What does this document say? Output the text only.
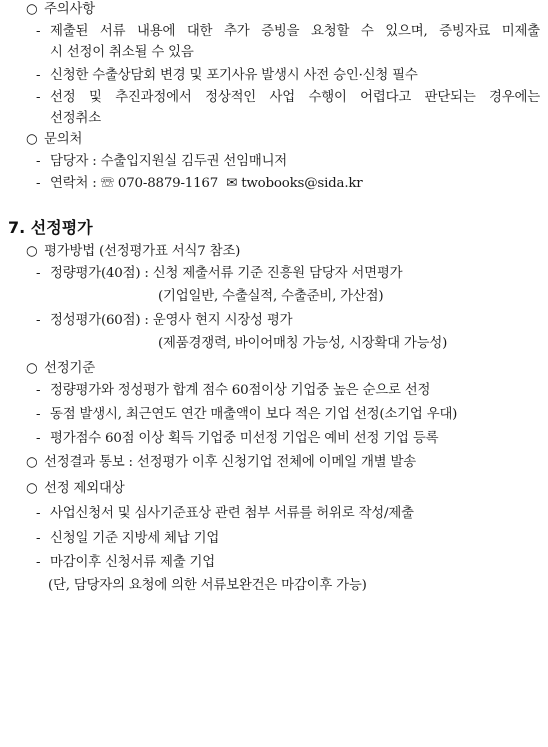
○ 주의사항
- 제출된 서류 내용에 대한 추가 증빙을 요청할 수 있으며, 증빙자료 미제출
시 선정이 취소될 수 있음
- 신청한 수출상담회 변경 및 포기사유 발생시 사전 승인·신청 필수
- 선정 및 추진과정에서 정상적인 사업 수행이 어렵다고 판단되는 경우에는
선정취소
○ 문의처
- 담당자 : 수출입지원실 김두권 선임매니저
- 연락처 : ☏ 070-8879-1167 ✉ twobooks@sida.kr
7. 선정평가
○ 평가방법 (선정평가표 서식7 참조)
- 정량평가(40점) : 신청 제출서류 기준 진흥원 담당자 서면평가
(기업일반, 수출실적, 수출준비, 가산점)
- 정성평가(60점) : 운영사 현지 시장성 평가
(제품경쟁력, 바이어매칭 가능성, 시장확대 가능성)
○ 선정기준
- 정량평가와 정성평가 합계 점수 60점이상 기업중 높은 순으로 선정
- 동점 발생시, 최근연도 연간 매출액이 보다 적은 기업 선정(소기업 우대)
- 평가점수 60점 이상 획득 기업중 미선정 기업은 예비 선정 기업 등록
○ 선정결과 통보 : 선정평가 이후 신청기업 전체에 이메일 개별 발송
○ 선정 제외대상
- 사업신청서 및 심사기준표상 관련 첨부 서류를 허위로 작성/제출
- 신청일 기준 지방세 체납 기업
- 마감이후 신청서류 제출 기업
(단, 담당자의 요청에 의한 서류보완건은 마감이후 가능)
